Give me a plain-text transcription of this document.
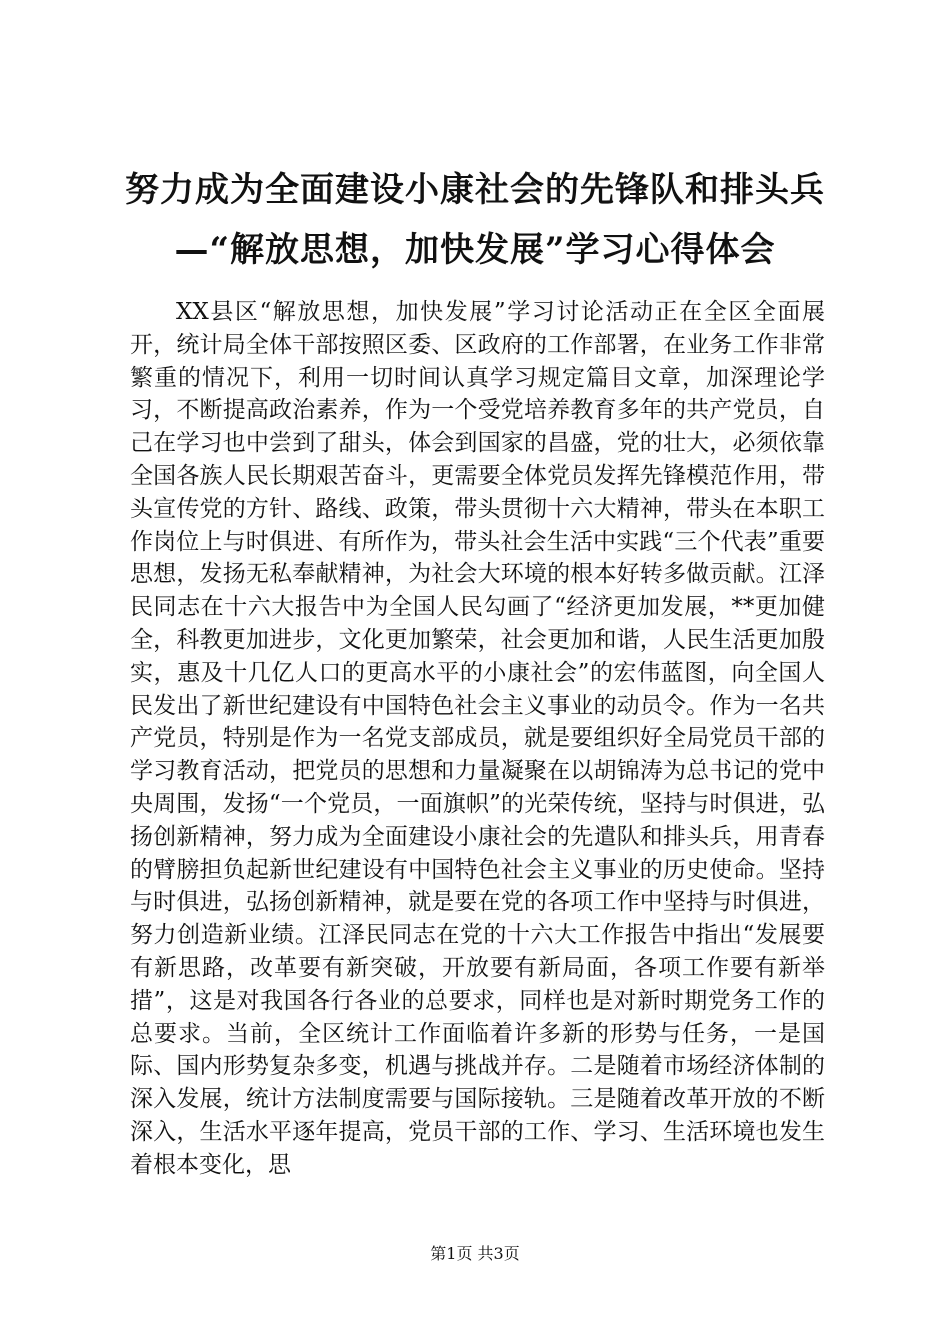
努力成为全面建设小康社会的先锋队和排头兵
—“解放思想，加快发展”学习心得体会

XX县区“解放思想，加快发展”学习讨论活动正在全区全面展开，统计局全体干部按照区委、区政府的工作部署，在业务工作非常繁重的情况下，利用一切时间认真学习规定篇目文章，加深理论学习，不断提高政治素养，作为一个受党培养教育多年的共产党员，自己在学习也中尝到了甜头，体会到国家的昌盛，党的壮大，必须依靠全国各族人民长期艰苦奋斗，更需要全体党员发挥先锋模范作用，带头宣传党的方针、路线、政策，带头贯彻十六大精神，带头在本职工作岗位上与时俱进、有所作为，带头社会生活中实践“三个代表”重要思想，发扬无私奉献精神，为社会大环境的根本好转多做贡献。江泽民同志在十六大报告中为全国人民勾画了“经济更加发展，**更加健全，科教更加进步，文化更加繁荣，社会更加和谐，人民生活更加殷实，惠及十几亿人口的更高水平的小康社会”的宏伟蓝图，向全国人民发出了新世纪建设有中国特色社会主义事业的动员令。作为一名共产党员，特别是作为一名党支部成员，就是要组织好全局党员干部的学习教育活动，把党员的思想和力量凝聚在以胡锦涛为总书记的党中央周围，发扬“一个党员，一面旗帜”的光荣传统，坚持与时俱进，弘扬创新精神，努力成为全面建设小康社会的先遣队和排头兵，用青春的臂膀担负起新世纪建设有中国特色社会主义事业的历史使命。坚持与时俱进，弘扬创新精神，就是要在党的各项工作中坚持与时俱进，努力创造新业绩。江泽民同志在党的十六大工作报告中指出“发展要有新思路，改革要有新突破，开放要有新局面，各项工作要有新举措”，这是对我国各行各业的总要求，同样也是对新时期党务工作的总要求。当前，全区统计工作面临着许多新的形势与任务，一是国际、国内形势复杂多变，机遇与挑战并存。二是随着市场经济体制的深入发展，统计方法制度需要与国际接轨。三是随着改革开放的不断深入，生活水平逐年提高，党员干部的工作、学习、生活环境也发生着根本变化，思

第1页 共3页
